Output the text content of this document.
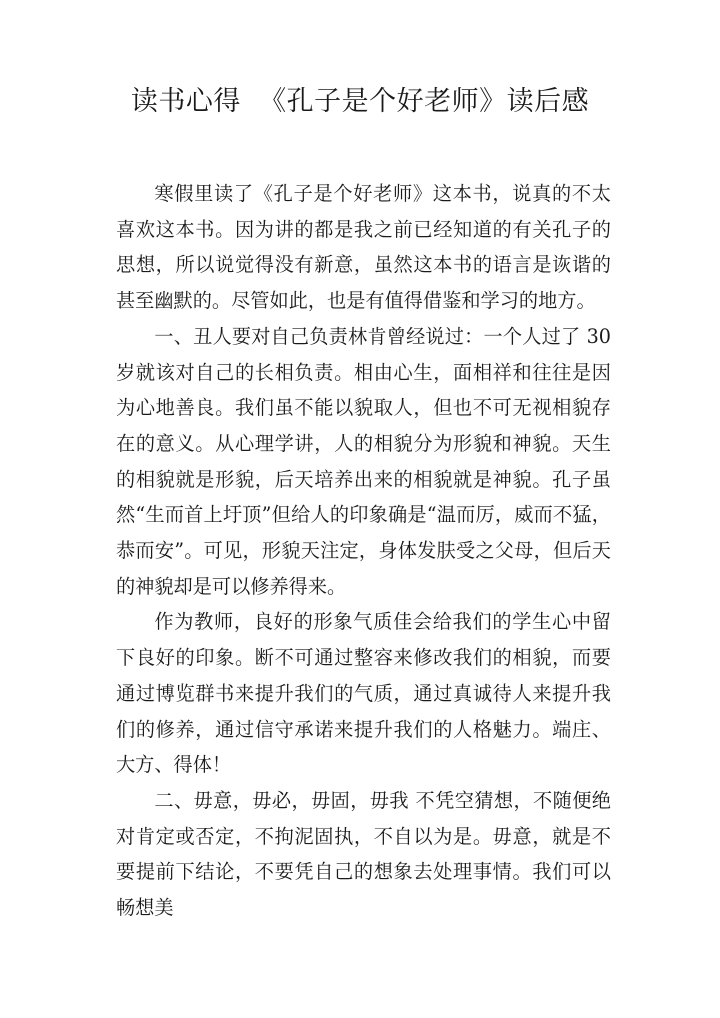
读书心得  《孔子是个好老师》读后感

寒假里读了《孔子是个好老师》这本书，说真的不太喜欢这本书。因为讲的都是我之前已经知道的有关孔子的思想，所以说觉得没有新意，虽然这本书的语言是诙谐的甚至幽默的。尽管如此，也是有值得借鉴和学习的地方。

一、丑人要对自己负责林肯曾经说过：一个人过了 30 岁就该对自己的长相负责。相由心生，面相祥和往往是因为心地善良。我们虽不能以貌取人，但也不可无视相貌存在的意义。从心理学讲，人的相貌分为形貌和神貌。天生的相貌就是形貌，后天培养出来的相貌就是神貌。孔子虽然“生而首上圩顶”但给人的印象确是“温而厉，威而不猛，恭而安”。可见，形貌天注定，身体发肤受之父母，但后天的神貌却是可以修养得来。

作为教师，良好的形象气质佳会给我们的学生心中留下良好的印象。断不可通过整容来修改我们的相貌，而要通过博览群书来提升我们的气质，通过真诚待人来提升我们的修养，通过信守承诺来提升我们的人格魅力。端庄、大方、得体！

二、毋意，毋必，毋固，毋我 不凭空猜想，不随便绝对肯定或否定，不拘泥固执，不自以为是。毋意，就是不要提前下结论，不要凭自己的想象去处理事情。我们可以畅想美
